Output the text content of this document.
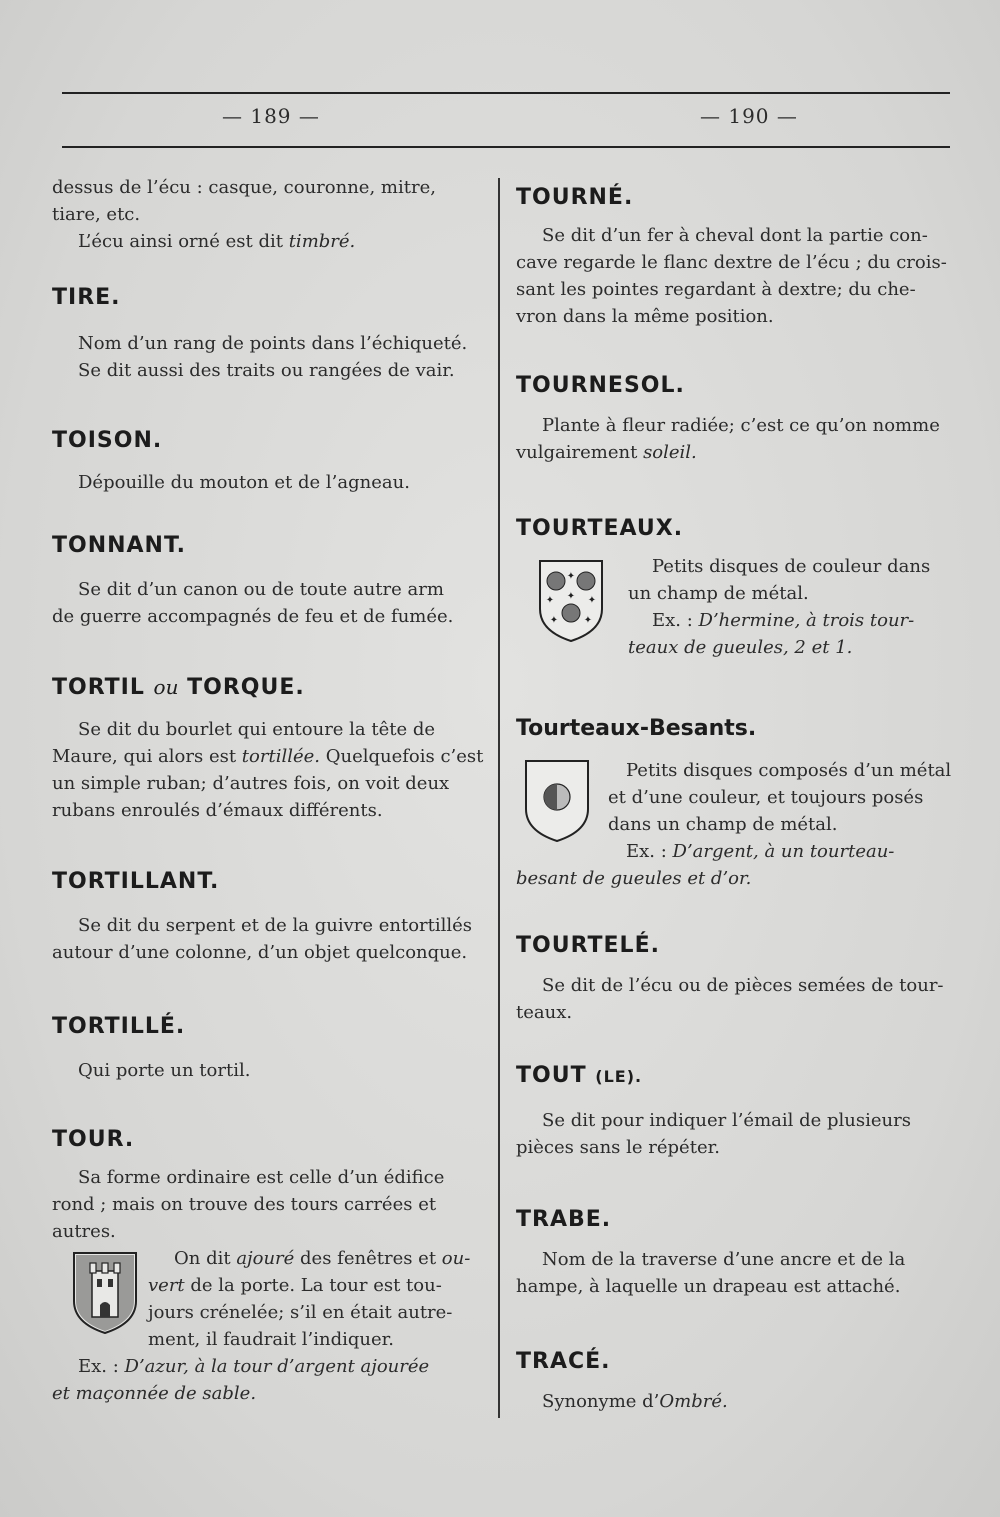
— 189 —	— 190 —

dessus de l’écu : casque, couronne, mitre,

tiare, etc.

L’écu ainsi orné est dit timbré.

TIRE.

Nom d’un rang de points dans l’échiqueté.

Se dit aussi des traits ou rangées de vair.

TOISON.

Dépouille du mouton et de l’agneau.

TONNANT.

Se dit d’un canon ou de toute autre arm

de guerre accompagnés de feu et de fumée.

TORTIL ou TORQUE.

Se dit du bourlet qui entoure la tête de

Maure, qui alors est tortillée. Quelquefois c’est

un simple ruban; d’autres fois, on voit deux

rubans enroulés d’émaux différents.

TORTILLANT.

Se dit du serpent et de la guivre entortillés

autour d’une colonne, d’un objet quelconque.

TORTILLÉ.

Qui porte un tortil.

TOUR.

Sa forme ordinaire est celle d’un édifice

rond ; mais on trouve des tours carrées et

autres.

On dit ajouré des fenêtres et ou-

vert de la porte. La tour est tou-

jours crénelée; s’il en était autre-

ment, il faudrait l’indiquer.

Ex. : D’azur, à la tour d’argent ajourée

et maçonnée de sable.

TOURNÉ.

Se dit d’un fer à cheval dont la partie con-

cave regarde le flanc dextre de l’écu ; du crois-

sant les pointes regardant à dextre; du che-

vron dans la même position.

TOURNESOL.

Plante à fleur radiée; c’est ce qu’on nomme

vulgairement soleil.

TOURTEAUX.

✦
✦ ✦ ✦
✦	✦

Petits disques de couleur dans

un champ de métal.

Ex. : D’hermine, à trois tour-

teaux de gueules, 2 et 1.

Tourteaux-Besants.

Petits disques composés d’un métal

et d’une couleur, et toujours posés

dans un champ de métal.

Ex. : D’argent, à un tourteau-

besant de gueules et d’or.

TOURTELÉ.

Se dit de l’écu ou de pièces semées de tour-

teaux.

TOUT (LE).

Se dit pour indiquer l’émail de plusieurs

pièces sans le répéter.

TRABE.

Nom de la traverse d’une ancre et de la

hampe, à laquelle un drapeau est attaché.

TRACÉ.

Synonyme d’Ombré.
